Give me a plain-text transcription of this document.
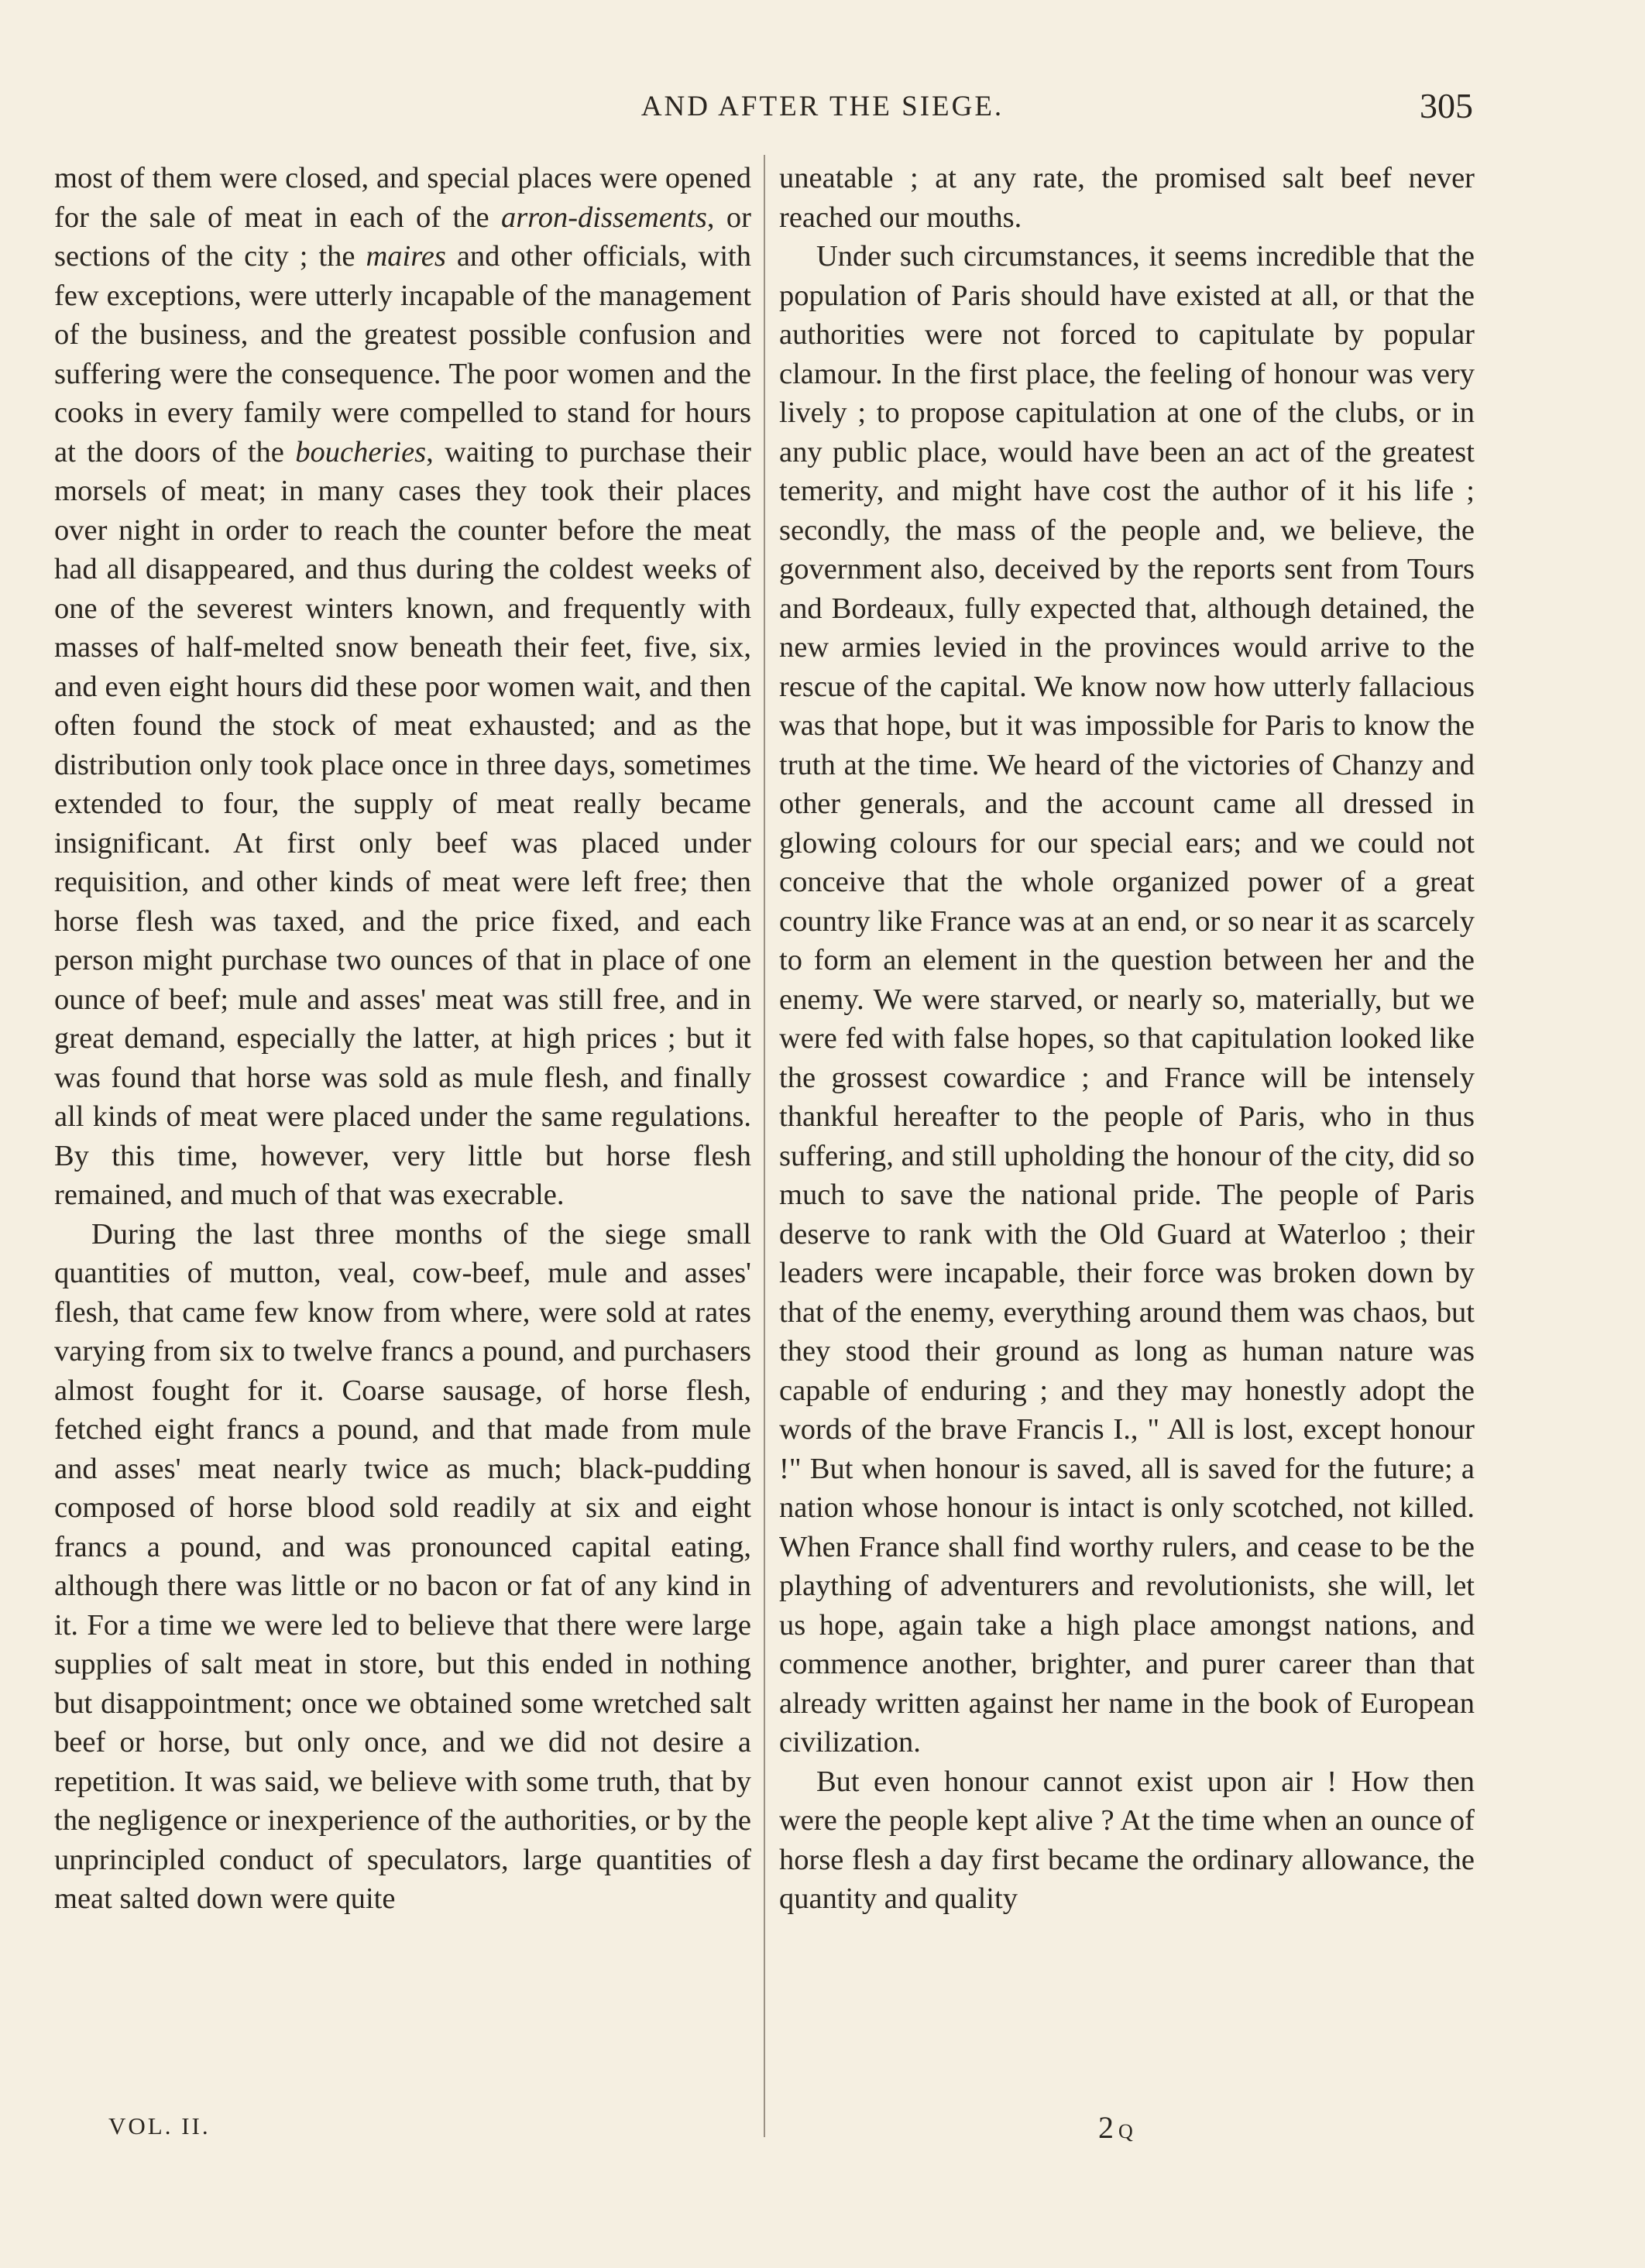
AND AFTER THE SIEGE.	305

most of them were closed, and special places were opened for the sale of meat in each of the arron-dissements, or sections of the city ; the maires and other officials, with few exceptions, were utterly incapable of the management of the business, and the greatest possible confusion and suffering were the consequence. The poor women and the cooks in every family were compelled to stand for hours at the doors of the boucheries, waiting to purchase their morsels of meat; in many cases they took their places over night in order to reach the counter before the meat had all disappeared, and thus during the coldest weeks of one of the severest winters known, and frequently with masses of half-melted snow beneath their feet, five, six, and even eight hours did these poor women wait, and then often found the stock of meat exhausted; and as the distribution only took place once in three days, sometimes extended to four, the supply of meat really became insignificant. At first only beef was placed under requisition, and other kinds of meat were left free; then horse flesh was taxed, and the price fixed, and each person might purchase two ounces of that in place of one ounce of beef; mule and asses' meat was still free, and in great demand, especially the latter, at high prices ; but it was found that horse was sold as mule flesh, and finally all kinds of meat were placed under the same regulations. By this time, however, very little but horse flesh remained, and much of that was execrable.

During the last three months of the siege small quantities of mutton, veal, cow-beef, mule and asses' flesh, that came few know from where, were sold at rates varying from six to twelve francs a pound, and purchasers almost fought for it. Coarse sausage, of horse flesh, fetched eight francs a pound, and that made from mule and asses' meat nearly twice as much; black-pudding composed of horse blood sold readily at six and eight francs a pound, and was pronounced capital eating, although there was little or no bacon or fat of any kind in it. For a time we were led to believe that there were large supplies of salt meat in store, but this ended in nothing but disappointment; once we obtained some wretched salt beef or horse, but only once, and we did not desire a repetition. It was said, we believe with some truth, that by the negligence or inexperience of the authorities, or by the unprincipled conduct of speculators, large quantities of meat salted down were quite

uneatable ; at any rate, the promised salt beef never reached our mouths.

Under such circumstances, it seems incredible that the population of Paris should have existed at all, or that the authorities were not forced to capitulate by popular clamour. In the first place, the feeling of honour was very lively ; to propose capitulation at one of the clubs, or in any public place, would have been an act of the greatest temerity, and might have cost the author of it his life ; secondly, the mass of the people and, we believe, the government also, deceived by the reports sent from Tours and Bordeaux, fully expected that, although detained, the new armies levied in the provinces would arrive to the rescue of the capital. We know now how utterly fallacious was that hope, but it was impossible for Paris to know the truth at the time. We heard of the victories of Chanzy and other generals, and the account came all dressed in glowing colours for our special ears; and we could not conceive that the whole organized power of a great country like France was at an end, or so near it as scarcely to form an element in the question between her and the enemy. We were starved, or nearly so, materially, but we were fed with false hopes, so that capitulation looked like the grossest cowardice ; and France will be intensely thankful hereafter to the people of Paris, who in thus suffering, and still upholding the honour of the city, did so much to save the national pride. The people of Paris deserve to rank with the Old Guard at Waterloo ; their leaders were incapable, their force was broken down by that of the enemy, everything around them was chaos, but they stood their ground as long as human nature was capable of enduring ; and they may honestly adopt the words of the brave Francis I., " All is lost, except honour !" But when honour is saved, all is saved for the future; a nation whose honour is intact is only scotched, not killed. When France shall find worthy rulers, and cease to be the plaything of adventurers and revolutionists, she will, let us hope, again take a high place amongst nations, and commence another, brighter, and purer career than that already written against her name in the book of European civilization.

But even honour cannot exist upon air ! How then were the people kept alive ? At the time when an ounce of horse flesh a day first became the ordinary allowance, the quantity and quality

VOL. II.	2 Q
